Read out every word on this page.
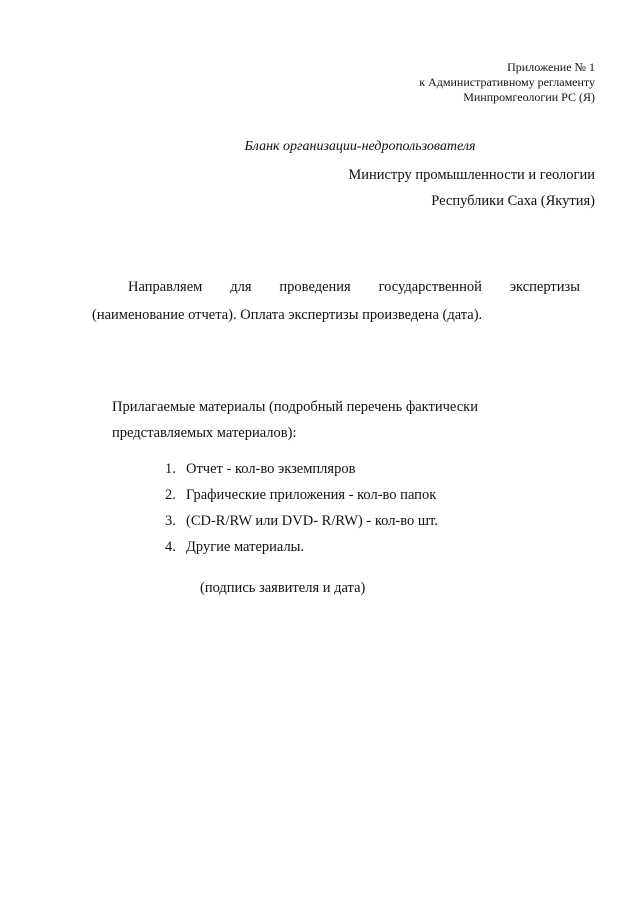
Приложение № 1
к Административному регламенту
Минпромгеологии РС (Я)
Бланк организации-недропользователя
Министру промышленности и геологии
Республики Саха (Якутия)
Направляем для проведения государственной экспертизы
(наименование отчета). Оплата экспертизы произведена (дата).
Прилагаемые материалы (подробный перечень фактически
представляемых материалов):
1. Отчет - кол-во экземпляров
2. Графические приложения - кол-во папок
3. (CD-R/RW или DVD- R/RW) - кол-во шт.
4. Другие материалы.
(подпись заявителя и дата)
